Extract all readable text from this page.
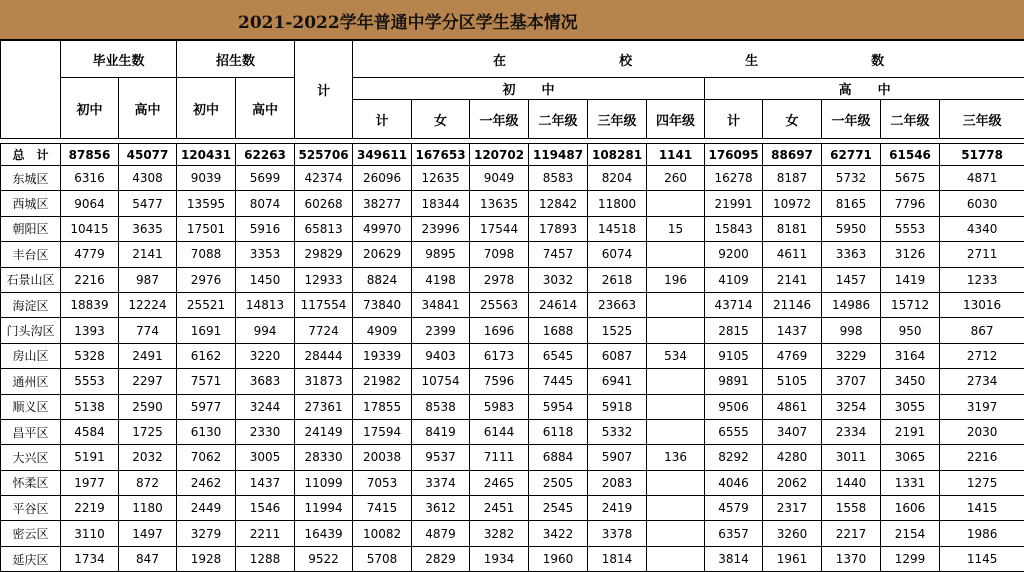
2021-2022学年普通中学分区学生基本情况
	毕业生数		招生数		计	在 校 生 数										

	初中	高中	初中	高中		初　　中						高　　中				
						计	女	一年级	二年级	三年级	四年级	计	女	一年级	二年级	三年级

总　计	87856	45077	120431	62263	525706	349611	167653	120702	119487	108281	1141	176095	88697	62771	61546	51778
东城区	6316	4308	9039	5699	42374	26096	12635	9049	8583	8204	260	16278	8187	5732	5675	4871
西城区	9064	5477	13595	8074	60268	38277	18344	13635	12842	11800		21991	10972	8165	7796	6030
朝阳区	10415	3635	17501	5916	65813	49970	23996	17544	17893	14518	15	15843	8181	5950	5553	4340
丰台区	4779	2141	7088	3353	29829	20629	9895	7098	7457	6074		9200	4611	3363	3126	2711
石景山区	2216	987	2976	1450	12933	8824	4198	2978	3032	2618	196	4109	2141	1457	1419	1233
海淀区	18839	12224	25521	14813	117554	73840	34841	25563	24614	23663		43714	21146	14986	15712	13016
门头沟区	1393	774	1691	994	7724	4909	2399	1696	1688	1525		2815	1437	998	950	867
房山区	5328	2491	6162	3220	28444	19339	9403	6173	6545	6087	534	9105	4769	3229	3164	2712
通州区	5553	2297	7571	3683	31873	21982	10754	7596	7445	6941		9891	5105	3707	3450	2734
顺义区	5138	2590	5977	3244	27361	17855	8538	5983	5954	5918		9506	4861	3254	3055	3197
昌平区	4584	1725	6130	2330	24149	17594	8419	6144	6118	5332		6555	3407	2334	2191	2030
大兴区	5191	2032	7062	3005	28330	20038	9537	7111	6884	5907	136	8292	4280	3011	3065	2216
怀柔区	1977	872	2462	1437	11099	7053	3374	2465	2505	2083		4046	2062	1440	1331	1275
平谷区	2219	1180	2449	1546	11994	7415	3612	2451	2545	2419		4579	2317	1558	1606	1415
密云区	3110	1497	3279	2211	16439	10082	4879	3282	3422	3378		6357	3260	2217	2154	1986
延庆区	1734	847	1928	1288	9522	5708	2829	1934	1960	1814		3814	1961	1370	1299	1145
